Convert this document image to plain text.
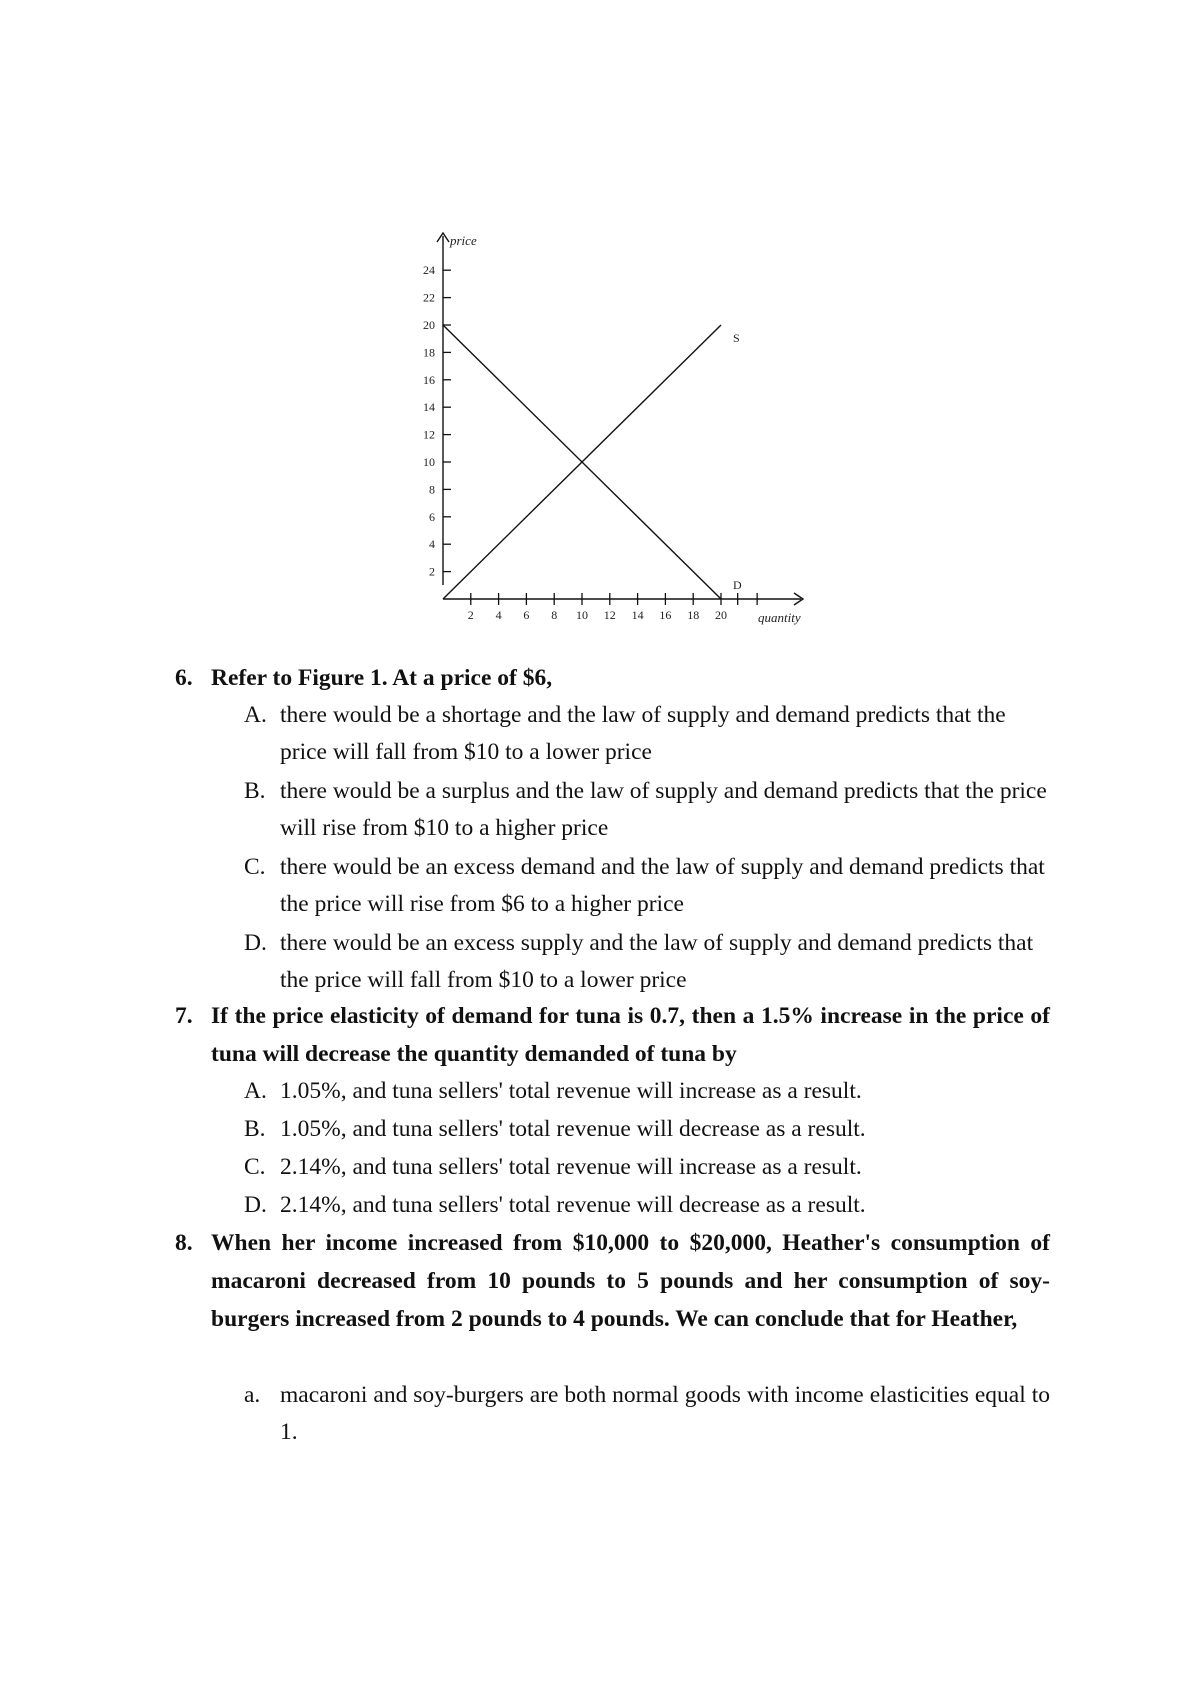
price
quantity
2
4
6
8
10
12
14
16
18
20
22
24
2 4 6 8 10 12 14 16 18 20
S
D
6. Refer to Figure 1. At a price of $6,
A. there would be a shortage and the law of supply and demand predicts that the price will fall from $10 to a lower price
B. there would be a surplus and the law of supply and demand predicts that the price will rise from $10 to a higher price
C. there would be an excess demand and the law of supply and demand predicts that the price will rise from $6 to a higher price
D. there would be an excess supply and the law of supply and demand predicts that the price will fall from $10 to a lower price
7. If the price elasticity of demand for tuna is 0.7, then a 1.5% increase in the price of tuna will decrease the quantity demanded of tuna by
A. 1.05%, and tuna sellers' total revenue will increase as a result.
B. 1.05%, and tuna sellers' total revenue will decrease as a result.
C. 2.14%, and tuna sellers' total revenue will increase as a result.
D. 2.14%, and tuna sellers' total revenue will decrease as a result.
8. When her income increased from $10,000 to $20,000, Heather's consumption of macaroni decreased from 10 pounds to 5 pounds and her consumption of soy-burgers increased from 2 pounds to 4 pounds. We can conclude that for Heather,
a. macaroni and soy-burgers are both normal goods with income elasticities equal to 1.
